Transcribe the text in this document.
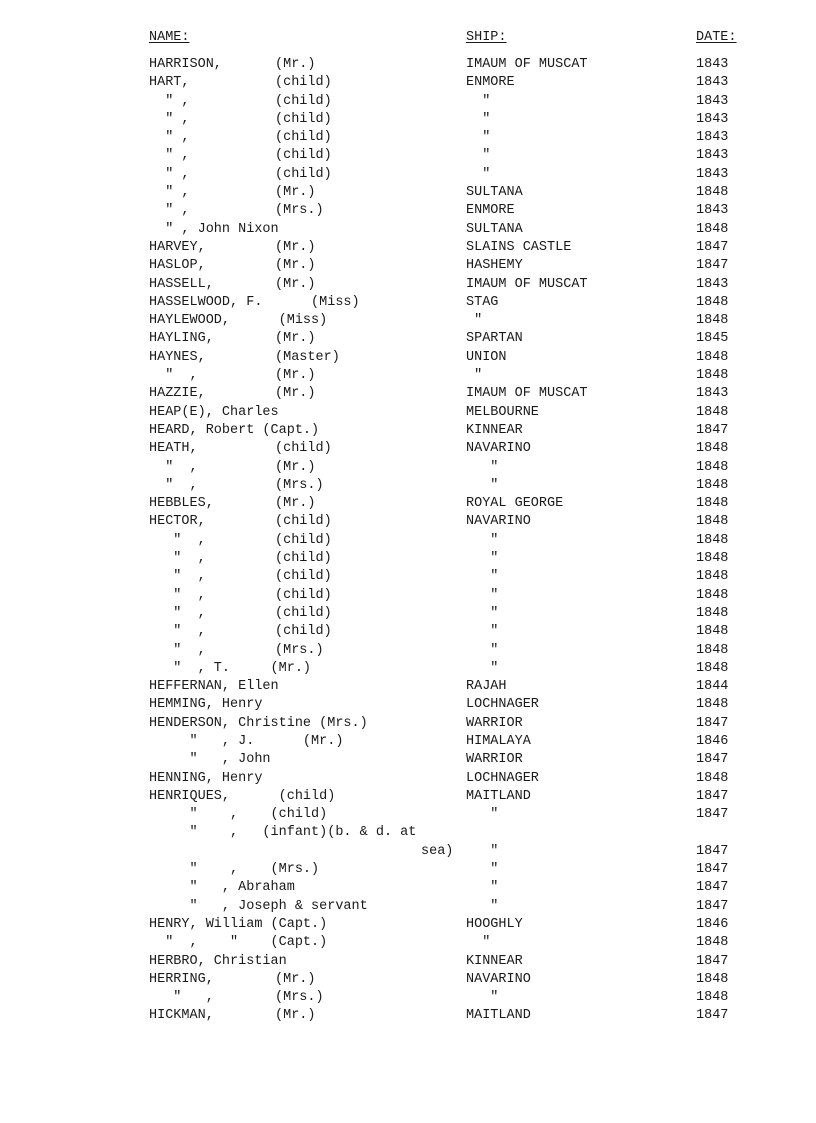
NAME:	SHIP:	DATE:
HARRISON,	(Mr.)	IMAUM OF MUSCAT	1843
HART,	(child)	ENMORE	1843
" ,	(child)	"	1843
" ,	(child)	"	1843
" ,	(child)	"	1843
" ,	(child)	"	1843
" ,	(child)	"	1843
" ,	(Mr.)	SULTANA	1848
" ,	(Mrs.)	ENMORE	1843
" , John Nixon	SULTANA	1848
HARVEY,	(Mr.)	SLAINS CASTLE	1847
HASLOP,	(Mr.)	HASHEMY	1847
HASSELL,	(Mr.)	IMAUM OF MUSCAT	1843
HASSELWOOD, F.      (Miss)	STAG	1848
HAYLEWOOD,      (Miss)	"	1848
HAYLING,	(Mr.)	SPARTAN	1845
HAYNES,	(Master)	UNION	1848
"  ,	(Mr.)	"	1848
HAZZIE,	(Mr.)	IMAUM OF MUSCAT	1843
HEAP(E), Charles	MELBOURNE	1848
HEARD, Robert (Capt.)	KINNEAR	1847
HEATH,	(child)	NAVARINO	1848
"  ,	(Mr.)	"	1848
"  ,	(Mrs.)	"	1848
HEBBLES,	(Mr.)	ROYAL GEORGE	1848
HECTOR,	(child)	NAVARINO	1848
"  ,	(child)	"	1848
"  ,	(child)	"	1848
"  ,	(child)	"	1848
"  ,	(child)	"	1848
"  ,	(child)	"	1848
"  ,	(child)	"	1848
"  ,	(Mrs.)	"	1848
"  , T.     (Mr.)	"	1848
HEFFERNAN, Ellen	RAJAH	1844
HEMMING, Henry	LOCHNAGER	1848
HENDERSON, Christine (Mrs.)	WARRIOR	1847
"   , J.      (Mr.)	HIMALAYA	1846
"   , John	WARRIOR	1847
HENNING, Henry	LOCHNAGER	1848
HENRIQUES,      (child)	MAITLAND	1847
"    ,    (child)	"	1847
"    ,   (infant)(b. & d. at
sea) "	1847
"    ,    (Mrs.)	"	1847
"   , Abraham	"	1847
"   , Joseph & servant	"	1847
HENRY, William (Capt.)	HOOGHLY	1846
"  ,    "    (Capt.)	"	1848
HERBRO, Christian	KINNEAR	1847
HERRING,	(Mr.)	NAVARINO	1848
"   ,	(Mrs.)	"	1848
HICKMAN,	(Mr.)	MAITLAND	1847
